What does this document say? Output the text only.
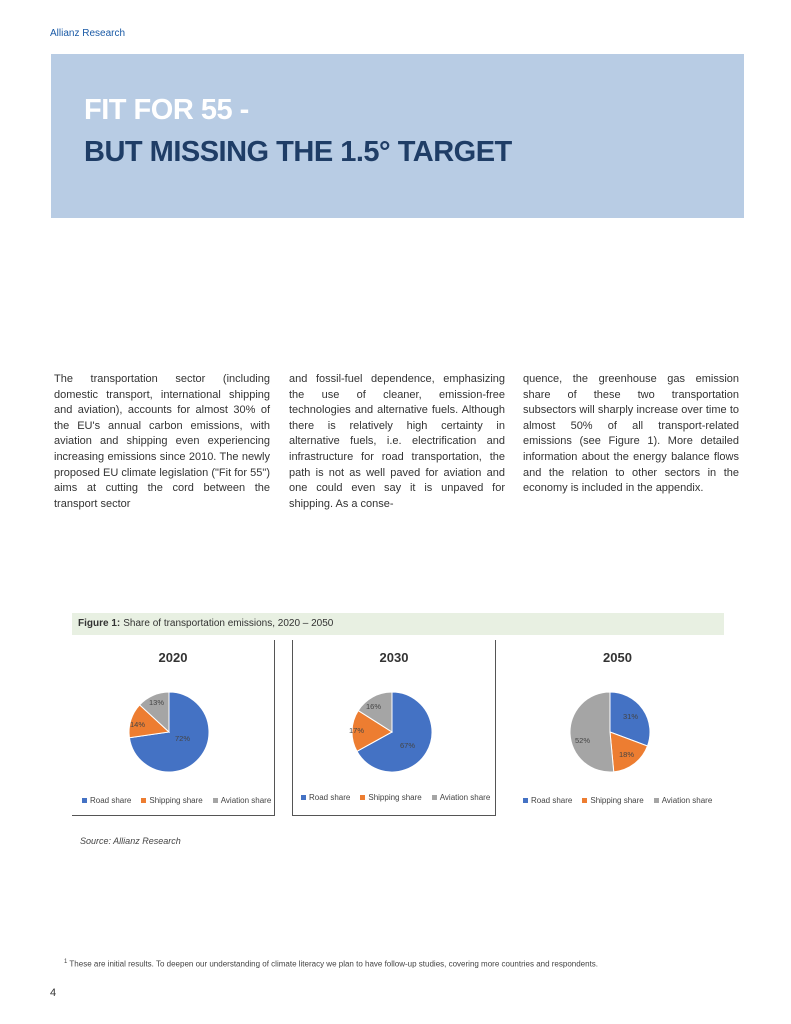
Allianz Research
FIT FOR 55 -
BUT MISSING THE 1.5° TARGET

The transportation sector (including domestic transport, international shipping and aviation), accounts for almost 30% of the EU's annual carbon emissions, with aviation and shipping even experiencing increasing emissions since 2010. The newly proposed EU climate legislation ("Fit for 55") aims at cutting the cord between the transport sector

and fossil-fuel dependence, emphasizing the use of cleaner, emission-free technologies and alternative fuels. Although there is relatively high certainty in alternative fuels, i.e. electrification and infrastructure for road transportation, the path is not as well paved for aviation and one could even say it is unpaved for shipping. As a conse-

quence, the greenhouse gas emission share of these two transportation subsectors will sharply increase over time to almost 50% of all transport-related emissions (see Figure 1). More detailed information about the energy balance flows and the relation to other sectors in the economy is included in the appendix.

Figure 1: Share of transportation emissions, 2020 – 2050
2020
72%
14%
13%
Road share Shipping share Aviation share
2030
67%
17%
16%
Road share Shipping share Aviation share
2050
31%
18%
52%
Road share Shipping share Aviation share
Source: Allianz Research
$^1$ These are initial results. To deepen our understanding of climate literacy we plan to have follow-up studies, covering more countries and respondents.
4
